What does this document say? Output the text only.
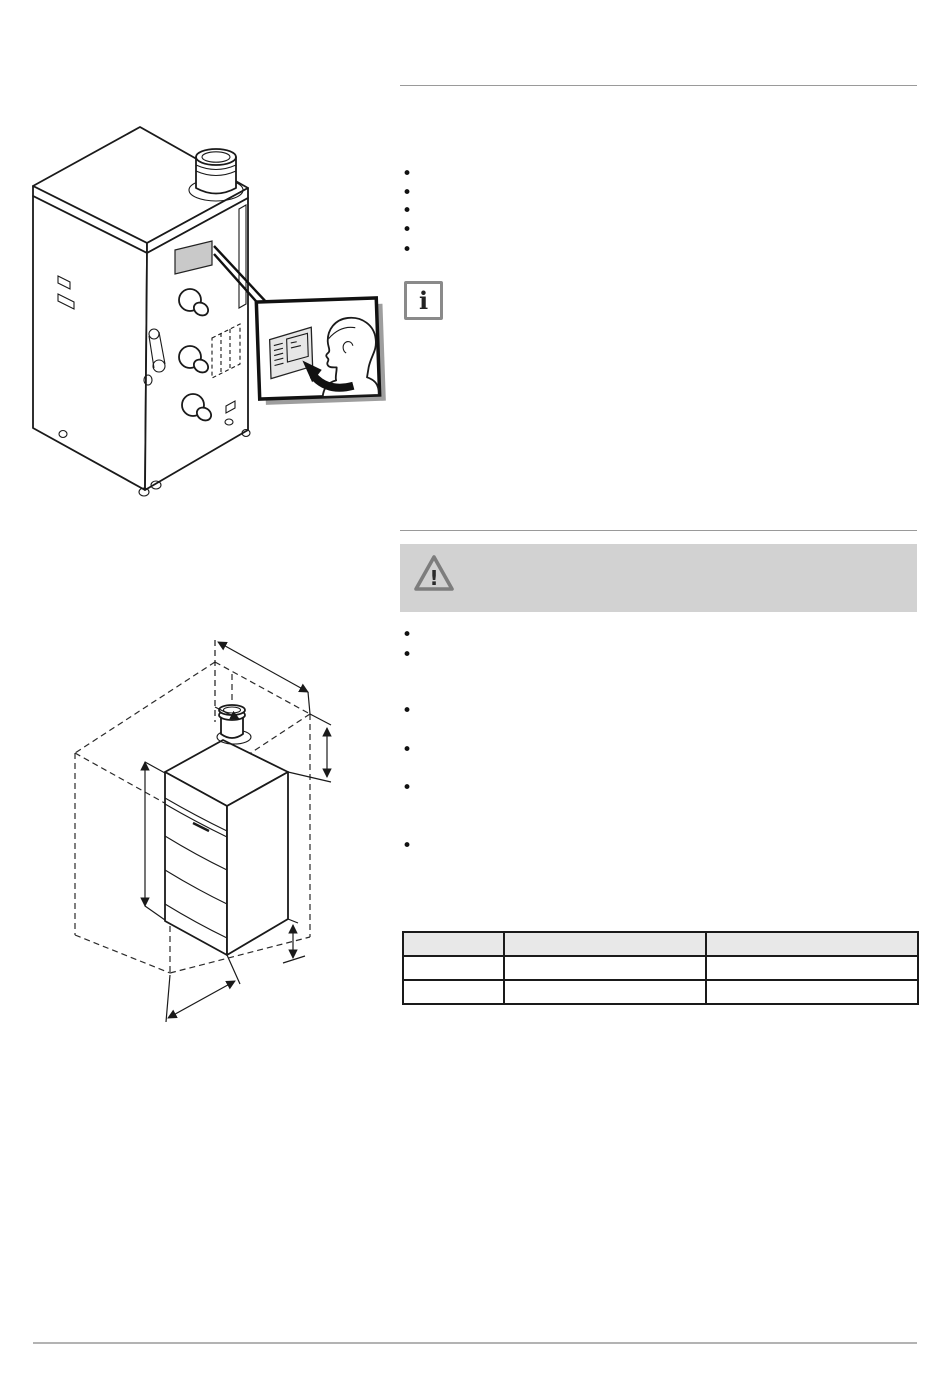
•
•
•
•
•
i
!
•
•
•
•
•
•
